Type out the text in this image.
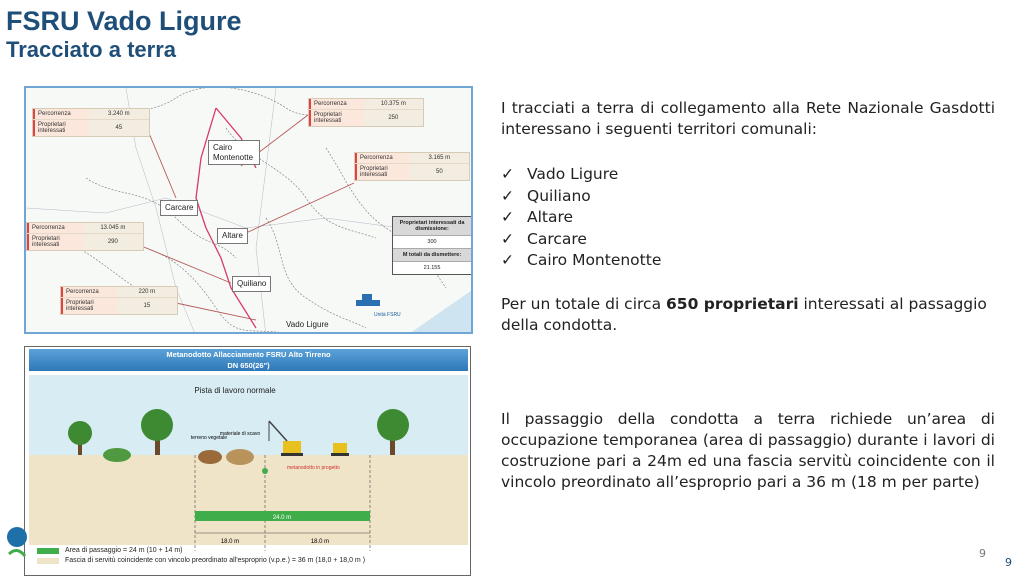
FSRU Vado Ligure
Tracciato a terra
Percorrenza	3.240 m
Proprietari interessati	45
Percorrenza	10.375 m
Proprietari interessati	250
Percorrenza	3.165 m
Proprietari interessati	50
Percorrenza	13.045 m
Proprietari interessati	290
Percorrenza	220 m
Proprietari interessati	15
Cairo Montenotte
Carcare
Altare
Quiliano
Vado Ligure
Proprietari interessati da dismissione:
300
M totali da dismettere:
21.155
Unità FSRU
Metanodotto Allacciamento FSRU Alto Tirreno
DN 650(26")
Pista di lavoro normale
terreno vegetale
materiale di scavo
metanodotto in progetto
24.0 m
18.0 m	18.0 m
Area di passaggio = 24 m (10 + 14 m)
Fascia di servitù coincidente con vincolo preordinato all'esproprio (v.p.e.) = 36 m (18,0 + 18,0 m )
I tracciati a terra di collegamento alla Rete Nazionale Gasdotti interessano i seguenti territori comunali:
✓ Vado Ligure
✓ Quiliano
✓ Altare
✓ Carcare
✓ Cairo Montenotte
Per un totale di circa 650 proprietari interessati al passaggio della condotta.
Il passaggio della condotta a terra richiede un’area di occupazione temporanea (area di passaggio) durante i lavori di costruzione pari a 24m ed una fascia servitù coincidente con il vincolo preordinato all’esproprio pari a 36 m (18 m per parte)
9
9
